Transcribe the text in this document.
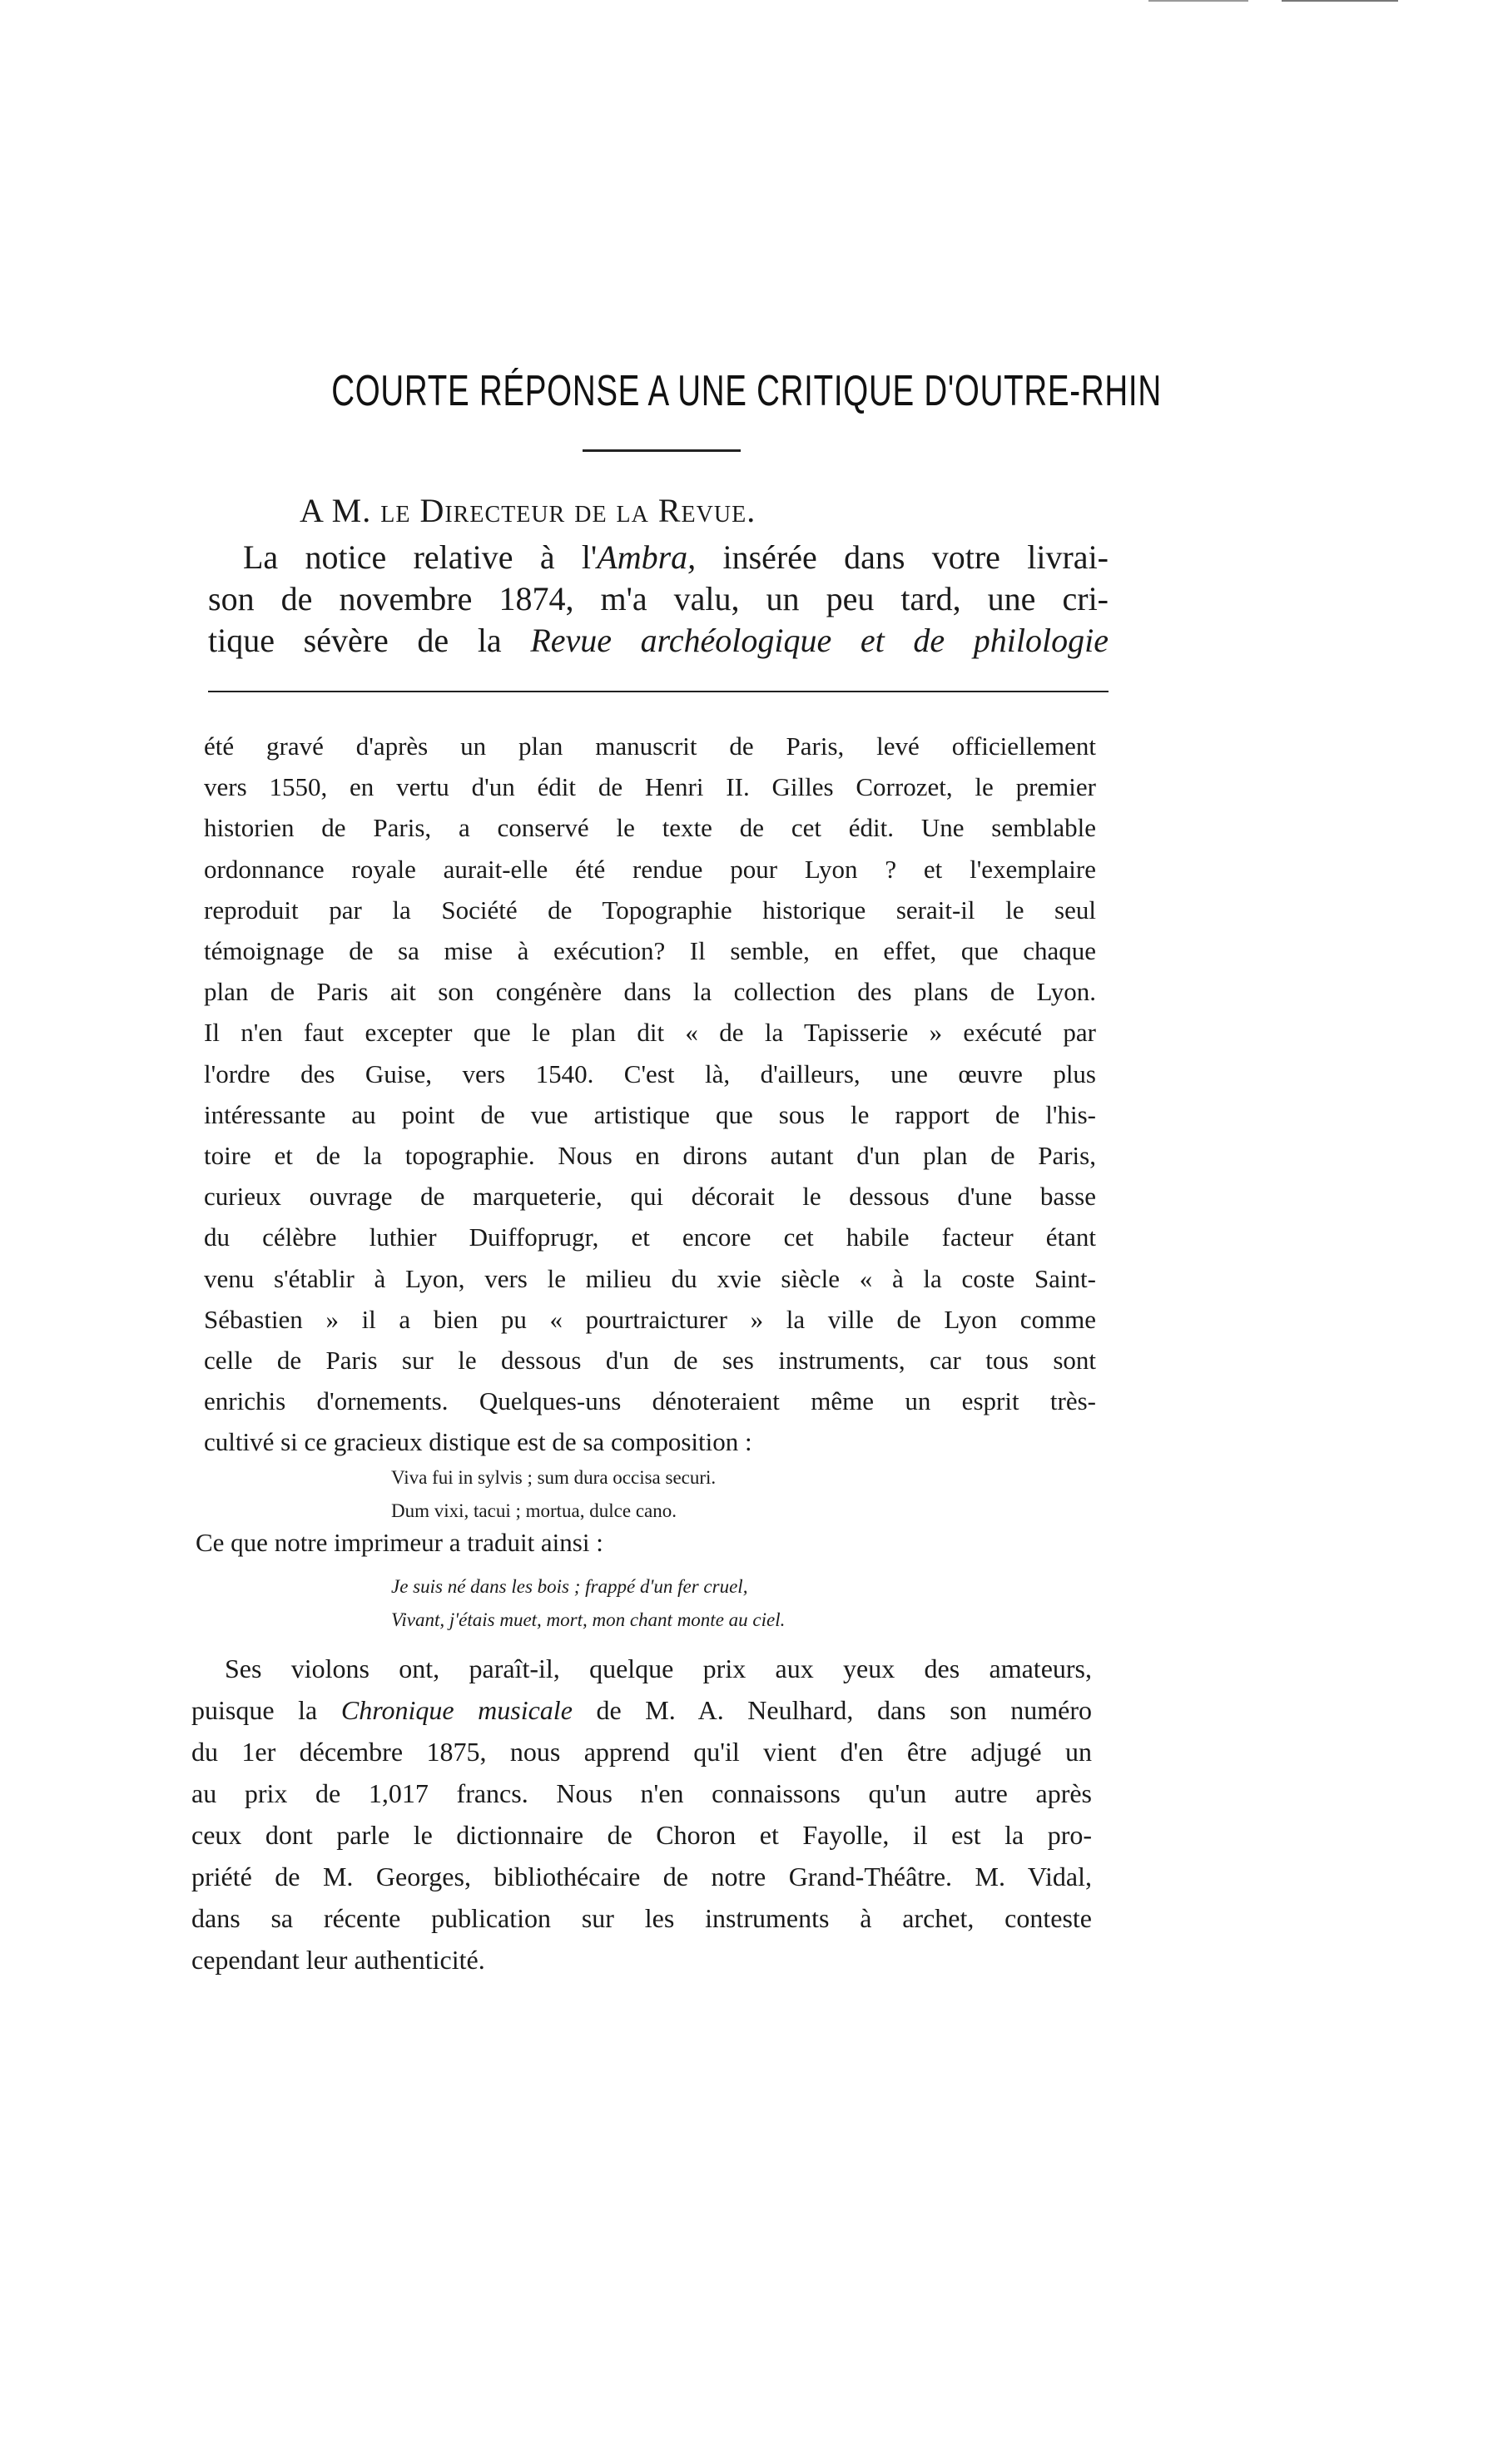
COURTE RÉPONSE A UNE CRITIQUE D'OUTRE-RHIN
A M. le Directeur de la Revue.
La notice relative à l'Ambra, insérée dans votre livrai-
son de novembre 1874, m'a valu, un peu tard, une cri-
tique sévère de la Revue archéologique et de philologie
été gravé d'après un plan manuscrit de Paris, levé officiellement
vers 1550, en vertu d'un édit de Henri II. Gilles Corrozet, le premier
historien de Paris, a conservé le texte de cet édit. Une semblable
ordonnance royale aurait-elle été rendue pour Lyon ? et l'exemplaire
reproduit par la Société de Topographie historique serait-il le seul
témoignage de sa mise à exécution? Il semble, en effet, que chaque
plan de Paris ait son congénère dans la collection des plans de Lyon.
Il n'en faut excepter que le plan dit « de la Tapisserie » exécuté par
l'ordre des Guise, vers 1540. C'est là, d'ailleurs, une œuvre plus
intéressante au point de vue artistique que sous le rapport de l'his-
toire et de la topographie. Nous en dirons autant d'un plan de Paris,
curieux ouvrage de marqueterie, qui décorait le dessous d'une basse
du célèbre luthier Duiffoprugr, et encore cet habile facteur étant
venu s'établir à Lyon, vers le milieu du xvie siècle « à la coste Saint-
Sébastien » il a bien pu « pourtraicturer » la ville de Lyon comme
celle de Paris sur le dessous d'un de ses instruments, car tous sont
enrichis d'ornements. Quelques-uns dénoteraient même un esprit très-
cultivé si ce gracieux distique est de sa composition :
Viva fui in sylvis ; sum dura occisa securi.
Dum vixi, tacui ; mortua, dulce cano.
Ce que notre imprimeur a traduit ainsi :
Je suis né dans les bois ; frappé d'un fer cruel,
Vivant, j'étais muet, mort, mon chant monte au ciel.
Ses violons ont, paraît-il, quelque prix aux yeux des amateurs,
puisque la Chronique musicale de M. A. Neulhard, dans son numéro
du 1er décembre 1875, nous apprend qu'il vient d'en être adjugé un
au prix de 1,017 francs. Nous n'en connaissons qu'un autre après
ceux dont parle le dictionnaire de Choron et Fayolle, il est la pro-
priété de M. Georges, bibliothécaire de notre Grand-Théâtre. M. Vidal,
dans sa récente publication sur les instruments à archet, conteste
cependant leur authenticité.
